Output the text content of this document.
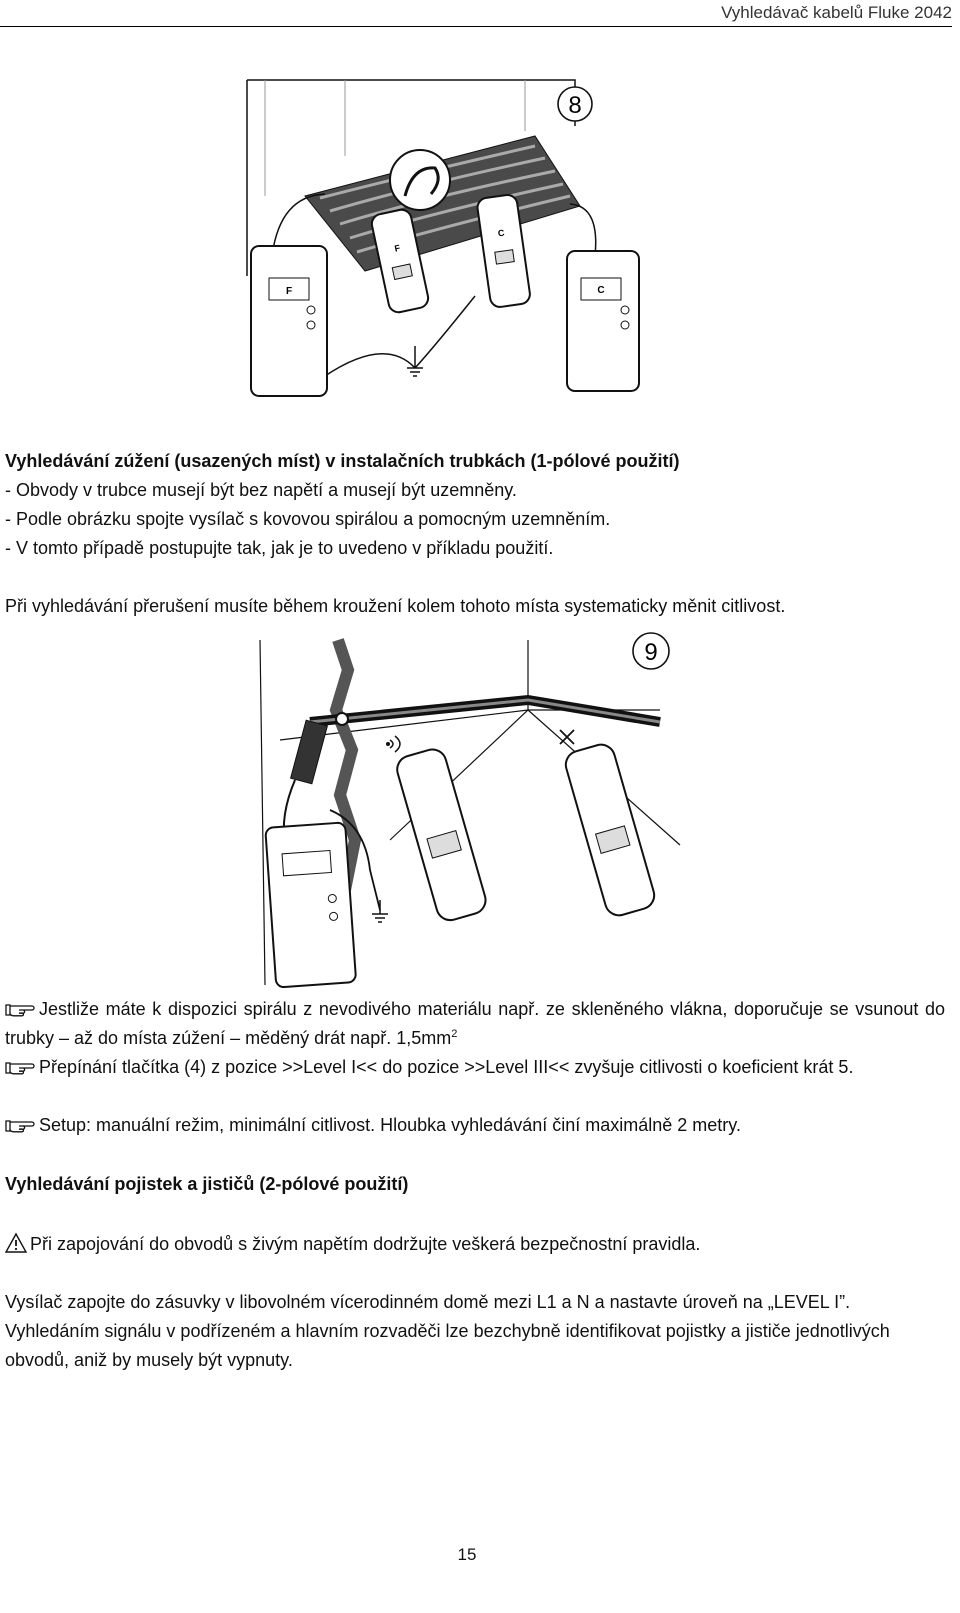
Vyhledávač kabelů Fluke 2042
8
F
F
C
C

Vyhledávání zúžení (usazených míst) v instalačních trubkách (1-pólové použití)

- Obvody v trubce musejí být bez napětí a musejí být uzemněny.

- Podle obrázku spojte vysílač s kovovou spirálou a pomocným uzemněním.

- V tomto případě postupujte tak, jak je to uvedeno v příkladu použití.

Při vyhledávání přerušení musíte během kroužení kolem tohoto místa systematicky měnit citlivost.

9

Jestliže máte k dispozici spirálu z nevodivého materiálu např. ze skleněného vlákna, doporučuje se vsunout do trubky – až do místa zúžení – měděný drát např. $1,5mm^2$

Přepínání tlačítka (4) z pozice >>Level I<< do pozice >>Level III<< zvyšuje citlivosti o koeficient krát 5.

Setup: manuální režim, minimální citlivost. Hloubka vyhledávání činí maximálně 2 metry.

Vyhledávání pojistek a jističů (2-pólové použití)

Při zapojování do obvodů s živým napětím dodržujte veškerá bezpečnostní pravidla.

Vysílač zapojte do zásuvky v libovolném vícerodinném domě mezi L1 a N a nastavte úroveň na „LEVEL I”. Vyhledáním signálu v podřízeném a hlavním rozvaděči lze bezchybně identifikovat pojistky a jističe jednotlivých obvodů, aniž by musely být vypnuty.

15
